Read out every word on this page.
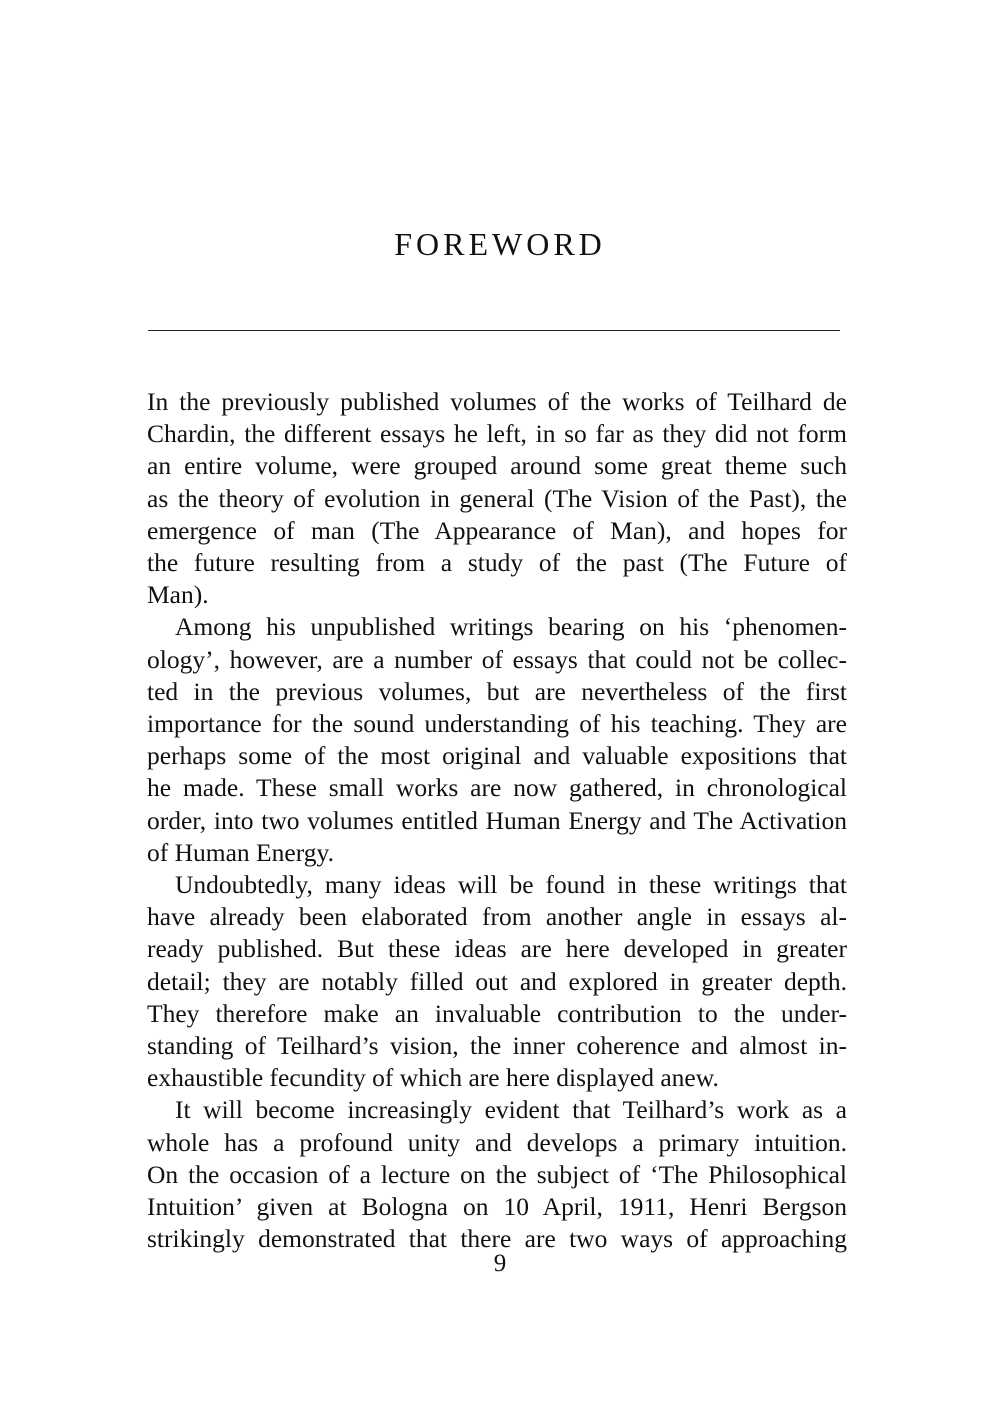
FOREWORD

In the previously published volumes of the works of Teilhard de
Chardin, the different essays he left, in so far as they did not form
an entire volume, were grouped around some great theme such
as the theory of evolution in general (The Vision of the Past), the
emergence of man (The Appearance of Man), and hopes for
the future resulting from a study of the past (The Future of
Man).

Among his unpublished writings bearing on his ‘phenomen-
ology’, however, are a number of essays that could not be collec-
ted in the previous volumes, but are nevertheless of the first
importance for the sound understanding of his teaching. They are
perhaps some of the most original and valuable expositions that
he made. These small works are now gathered, in chronological
order, into two volumes entitled Human Energy and The Activation
of Human Energy.

Undoubtedly, many ideas will be found in these writings that
have already been elaborated from another angle in essays al-
ready published. But these ideas are here developed in greater
detail; they are notably filled out and explored in greater depth.
They therefore make an invaluable contribution to the under-
standing of Teilhard’s vision, the inner coherence and almost in-
exhaustible fecundity of which are here displayed anew.

It will become increasingly evident that Teilhard’s work as a
whole has a profound unity and develops a primary intuition.
On the occasion of a lecture on the subject of ‘The Philosophical
Intuition’ given at Bologna on 10 April, 1911, Henri Bergson
strikingly demonstrated that there are two ways of approaching

9
